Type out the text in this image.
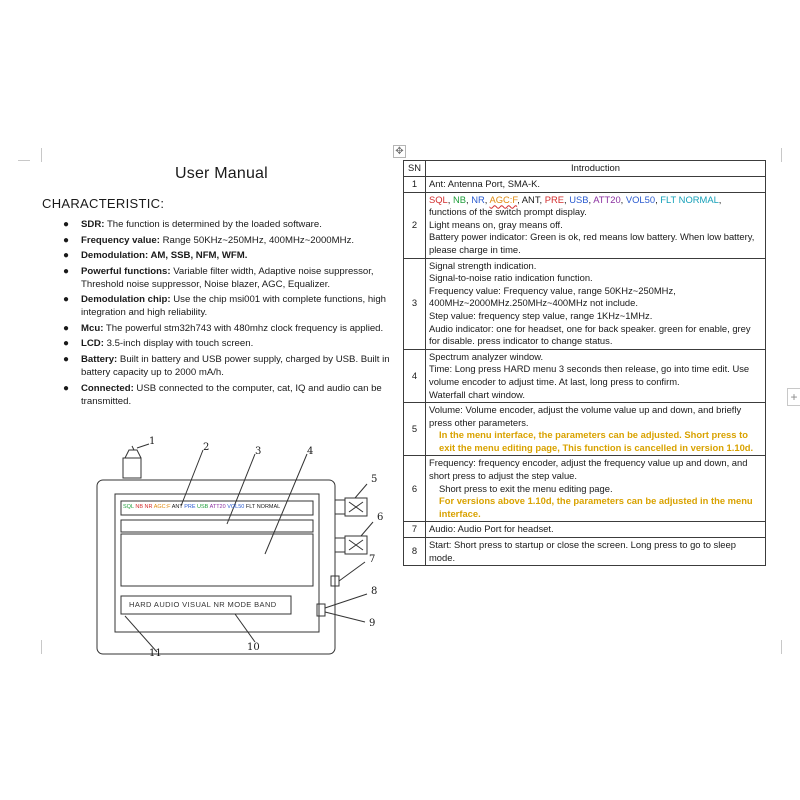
✥
+
User Manual
CHARACTERISTIC:
● SDR: The function is determined by the loaded software.
● Frequency value: Range 50KHz~250MHz, 400MHz~2000MHz.
● Demodulation: AM, SSB, NFM, WFM.
● Powerful functions: Variable filter width, Adaptive noise suppressor, Threshold noise suppressor, Noise blazer, AGC, Equalizer.
● Demodulation chip: Use the chip msi001 with complete functions, high integration and high reliability.
● Mcu: The powerful stm32h743 with 480mhz clock frequency is applied.
● LCD: 3.5-inch display with touch screen.
● Battery: Built in battery and USB power supply, charged by USB. Built in battery capacity up to 2000 mA/h.
● Connected: USB connected to the computer, cat, IQ and audio can be transmitted.
SQL NB NR AGC:F ANT PRE USB ATT20 VOL50 FLT NORMAL
HARD AUDIO VISUAL NR MODE BAND
1
2	3	4
5
6
7
8
9
10
11
SN	Introduction
1	Ant: Antenna Port, SMA-K.
2	SQL, NB, NR, AGC:F, ANT, PRE, USB, ATT20, VOL50, FLT NORMAL,
functions of the switch prompt display.
Light means on, gray means off.
Battery power indicator: Green is ok, red means low battery. When low battery, please charge in time.
3	Signal strength indication.
Signal-to-noise ratio indication function.
Frequency value: Frequency value, range 50KHz~250MHz, 400MHz~2000MHz.250MHz~400MHz not include.
Step value: frequency step value, range 1KHz~1MHz.
Audio indicator: one for headset, one for back speaker. green for enable, grey for disable. press indicator to change status.
4	Spectrum analyzer window.
Time: Long press HARD menu 3 seconds then release, go into time edit. Use volume encoder to adjust time. At last, long press to confirm.
Waterfall chart window.
5	Volume: Volume encoder, adjust the volume value up and down, and briefly press other parameters.

In the menu interface, the parameters can be adjusted. Short press to exit the menu editing page, This function is cancelled in version 1.10d.

6	Frequency: frequency encoder, adjust the frequency value up and down, and short press to adjust the step value.

Short press to exit the menu editing page.
For versions above 1.10d, the parameters can be adjusted in the menu interface.

7	Audio: Audio Port for headset.
8	Start: Short press to startup or close the screen. Long press to go to sleep mode.
